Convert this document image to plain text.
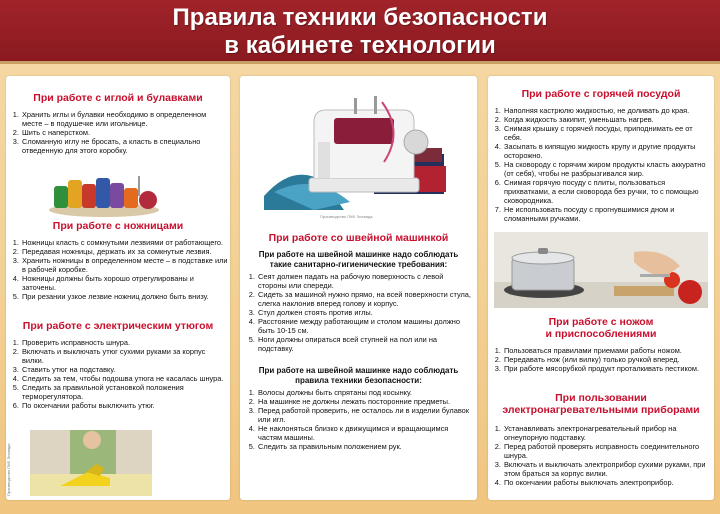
Правила техники безопасности
в кабинете технологии
При работе с иглой и булавками
1. Хранить иглы и булавки необходимо в определенном месте – в подушечке или игольнице.
2. Шить с наперстком.
3. Сломанную иглу не бросать, а класть в специально отведенную для этого коробку.
При работе с ножницами
1. Ножницы класть с сомкнутыми лезвиями от работающего.
2. Передавая ножницы, держать их за сомкнутые лезвия.
3. Хранить ножницы в определенном месте – в подставке или в рабочей коробке.
4. Ножницы должны быть хорошо отрегулированы и заточены.
5. При резании узкое лезвие ножниц должно быть внизу.
При работе с электрическим утюгом
1. Проверить исправность шнура.
2. Включать и выключать утюг сухими руками за корпус вилки.
3. Ставить утюг на подставку.
4. Следить за тем, чтобы подошва утюга не касалась шнура.
5. Следить за правильной установкой положения терморегулятора.
6. По окончании работы выключить утюг.
Производство ПКФ Эльвида
Производство ПКФ Эльвида
При работе со швейной машинкой
При работе на швейной машинке надо соблюдать такие санитарно-гигиенические требования:
1. Сеят должен падать на рабочую поверхность с левой стороны или спереди.
2. Сидеть за машиной нужно прямо, на всей поверхности стула, слегка наклонив вперед голову и корпус.
3. Стул должен стоять против иглы.
4. Расстояние между работающим и столом машины должно быть 10-15 см.
5. Ноги должны опираться всей ступней на пол или на подставку.
При работе на швейной машинке надо соблюдать правила техники безопасности:
1. Волосы должны быть спрятаны под косынку.
2. На машинке не должны лежать посторонние предметы.
3. Перед работой проверить, не осталось ли в изделии булавок или игл.
4. Не наклоняться близко к движущимся и вращающимся частям машины.
5. Следить за правильным положением рук.
При работе с горячей посудой
1. Наполняя кастрюлю жидкостью, не доливать до края.
2. Когда жидкость закипит, уменьшать нагрев.
3. Снимая крышку с горячей посуды, приподнимать ее от себя.
4. Засыпать в кипящую жидкость крупу и другие продукты осторожно.
5. На сковороду с горячим жиром продукты класть аккуратно (от себя), чтобы не разбрызгивался жир.
6. Снимая горячую посуду с плиты, пользоваться прихватками, а если сковорода без ручки, то с помощью сковородника.
7. Не использовать посуду с прогнувшимися дном и сломанными ручками.
При работе с ножом
и приспособлениями
1. Пользоваться правилами приемами работы ножом.
2. Передавать нож (или вилку) только ручкой вперед.
3. При работе мясорубкой продукт проталкивать пестиком.
При пользовании
электронагревательными приборами
1. Устанавливать электронагревательный прибор на огнеупорную подставку.
2. Перед работой проверять исправность соединительного шнура.
3. Включать и выключать электроприбор сухими руками, при этом браться за корпус вилки.
4. По окончании работы выключать электроприбор.
